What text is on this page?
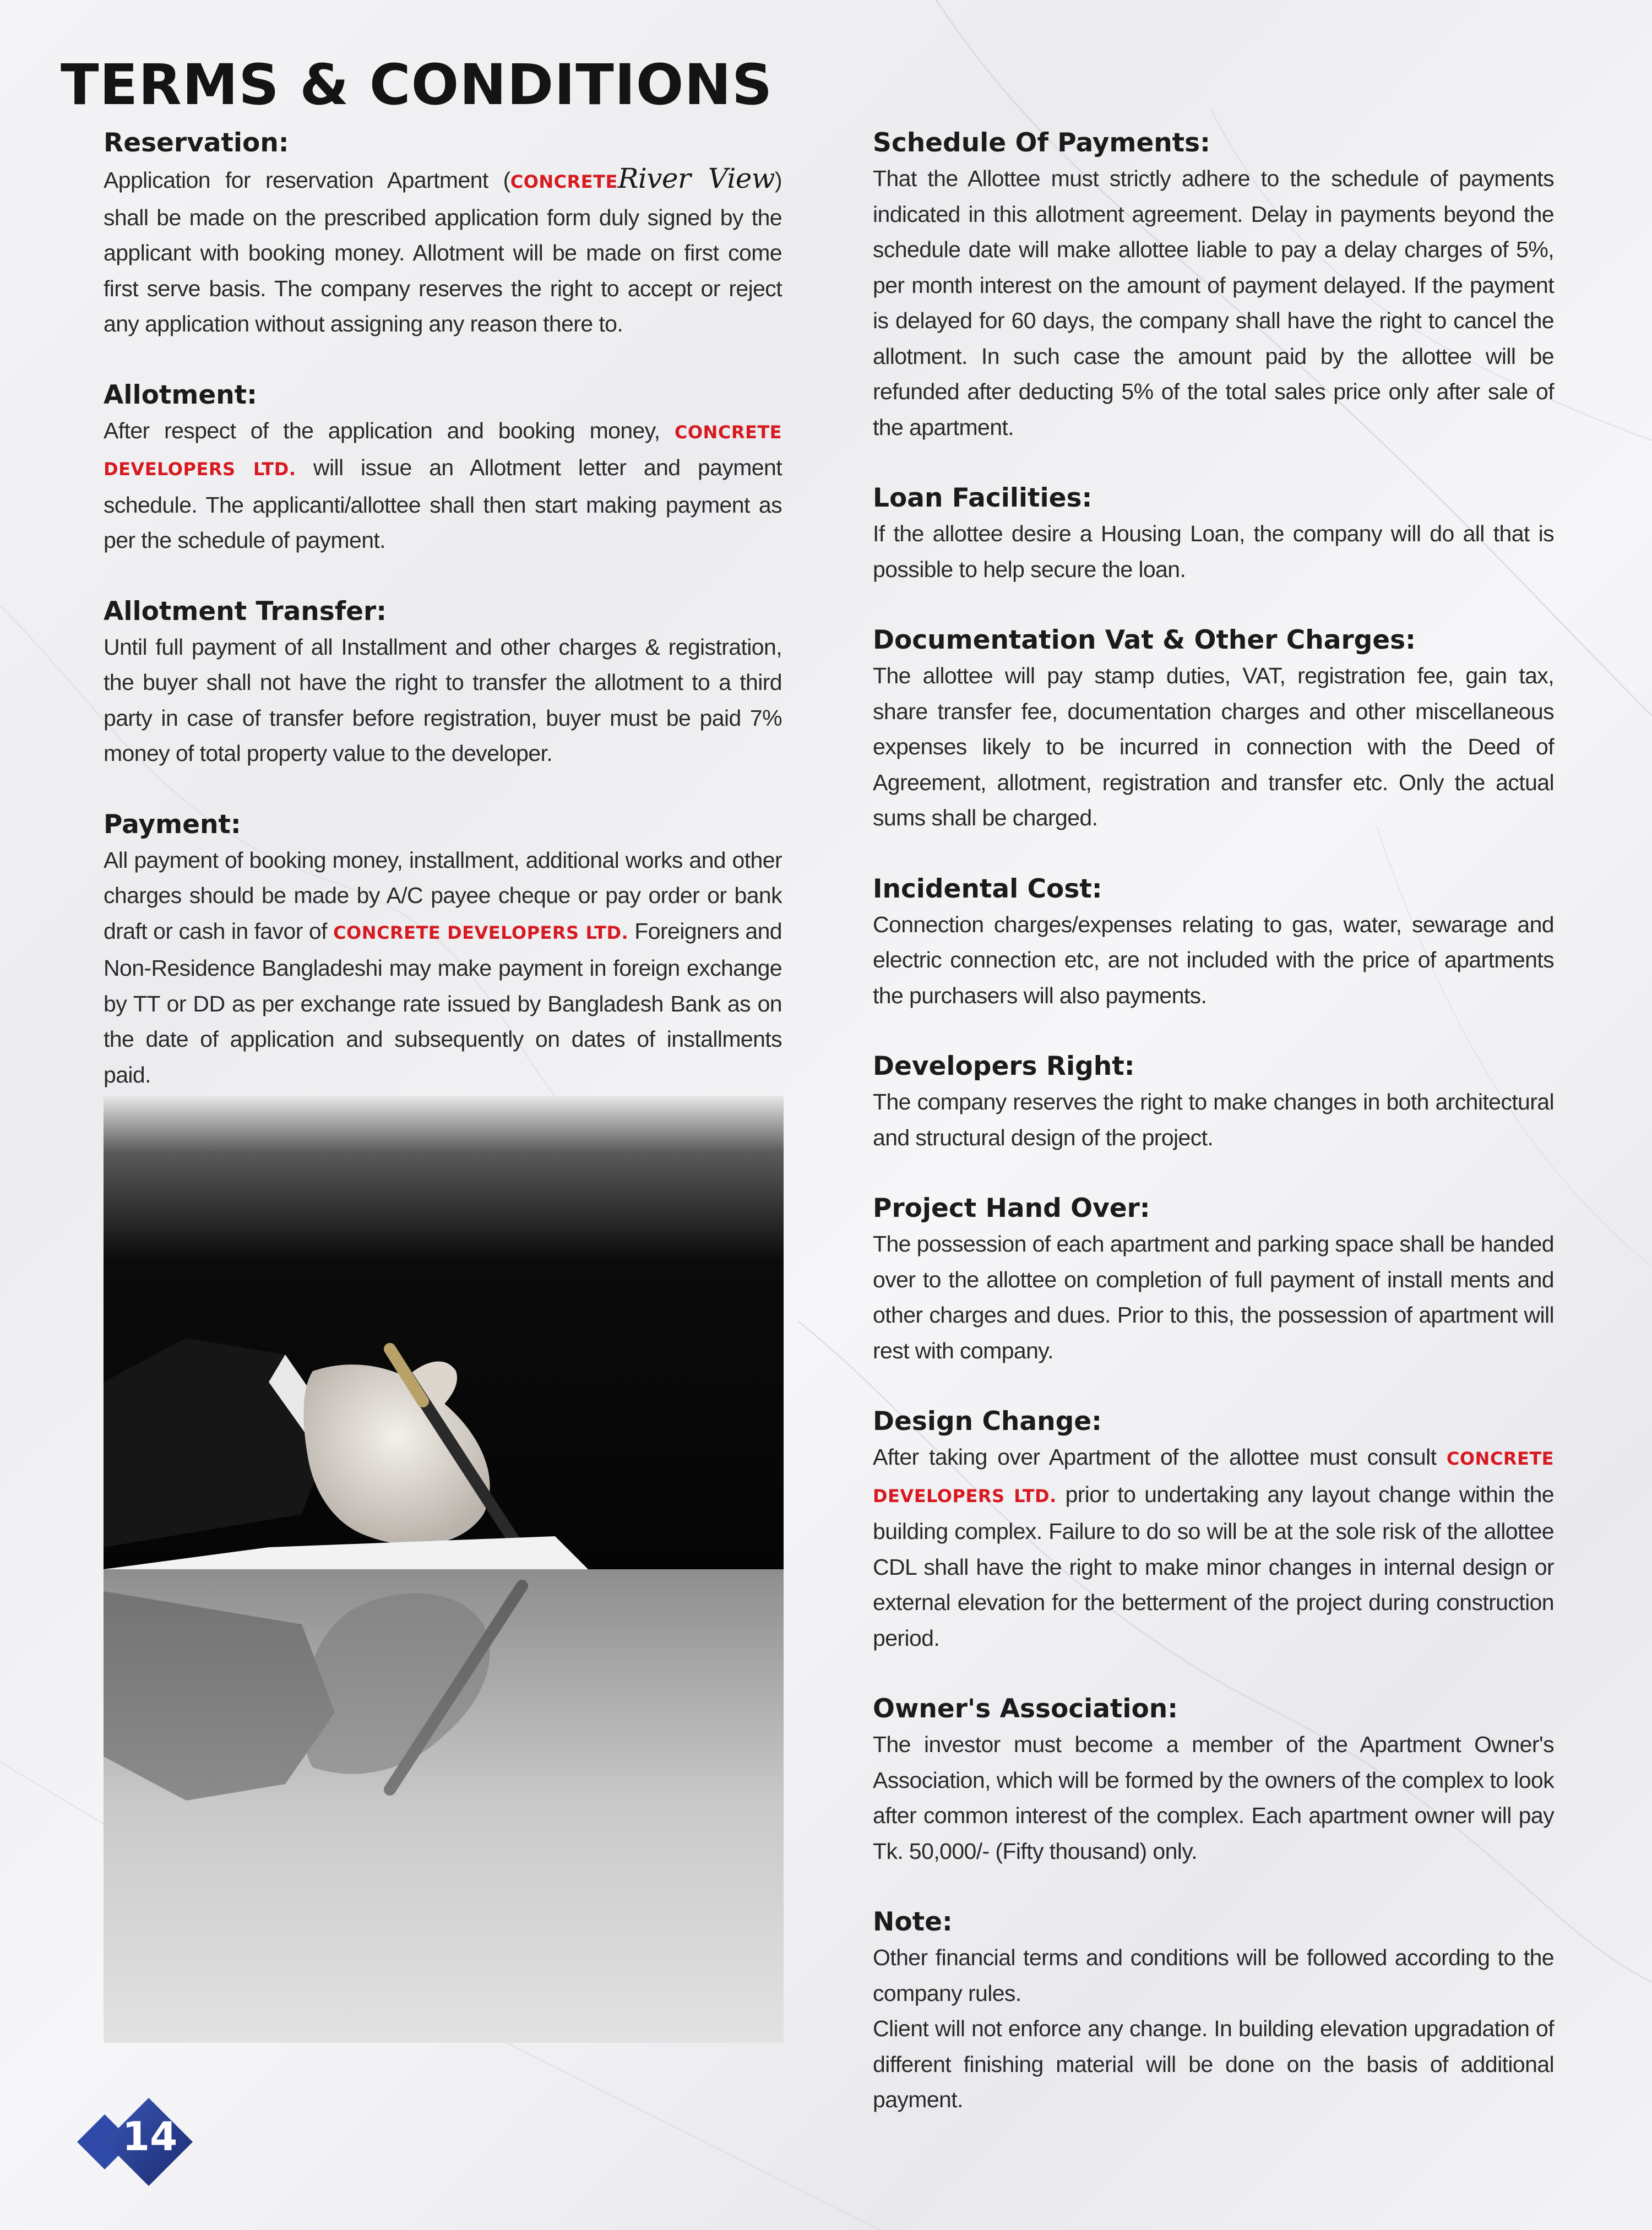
TERMS & CONDITIONS
Reservation:

Application for reservation Apartment (CONCRETERiver View) shall be made on the prescribed application form duly signed by the applicant with booking money. Allotment will be made on first come first serve basis. The company reserves the right to accept or reject any application without assigning any reason there to.

Allotment:

After respect of the application and booking money, CONCRETE DEVELOPERS LTD. will issue an Allotment letter and payment schedule. The applicanti/allottee shall then start making payment as per the schedule of payment.

Allotment Transfer:

Until full payment of all Installment and other charges & registration, the buyer shall not have the right to transfer the allotment to a third party in case of transfer before registration, buyer must be paid 7% money of total property value to the developer.

Payment:

All payment of booking money, installment, additional works and other charges should be made by A/C payee cheque or pay order or bank draft or cash in favor of CONCRETE DEVELOPERS LTD. Foreigners and Non-Residence Bangladeshi may make payment in foreign exchange by TT or DD as per exchange rate issued by Bangladesh Bank as on the date of application and subsequently on dates of installments paid.

Schedule Of Payments:

That the Allottee must strictly adhere to the schedule of payments indicated in this allotment agreement. Delay in payments beyond the schedule date will make allottee liable to pay a delay charges of 5%, per month interest on the amount of payment delayed. If the payment is delayed for 60 days, the company shall have the right to cancel the allotment. In such case the amount paid by the allottee will be refunded after deducting 5% of the total sales price only after sale of the apartment.

Loan Facilities:

If the allottee desire a Housing Loan, the company will do all that is possible to help secure the loan.

Documentation Vat & Other Charges:

The allottee will pay stamp duties, VAT, registration fee, gain tax, share transfer fee, documentation charges and other miscellaneous expenses likely to be incurred in connection with the Deed of Agreement, allotment, registration and transfer etc. Only the actual sums shall be charged.

Incidental Cost:

Connection charges/expenses relating to gas, water, sewarage and electric connection etc, are not included with the price of apartments the purchasers will also payments.

Developers Right:

The company reserves the right to make changes in both architectural and structural design of the project.

Project Hand Over:

The possession of each apartment and parking space shall be handed over to the allottee on completion of full payment of install ments and other charges and dues. Prior to this, the possession of apartment will rest with company.

Design Change:

After taking over Apartment of the allottee must consult CONCRETE DEVELOPERS LTD. prior to undertaking any layout change within the building complex. Failure to do so will be at the sole risk of the allottee CDL shall have the right to make minor changes in internal design or external elevation for the betterment of the project during construction period.

Owner's Association:

The investor must become a member of the Apartment Owner's Association, which will be formed by the owners of the complex to look after common interest of the complex. Each apartment owner will pay Tk. 50,000/- (Fifty thousand) only.

Note:

Other financial terms and conditions will be followed according to the company rules.

Client will not enforce any change. In building elevation upgradation of different finishing material will be done on the basis of additional payment.

14
